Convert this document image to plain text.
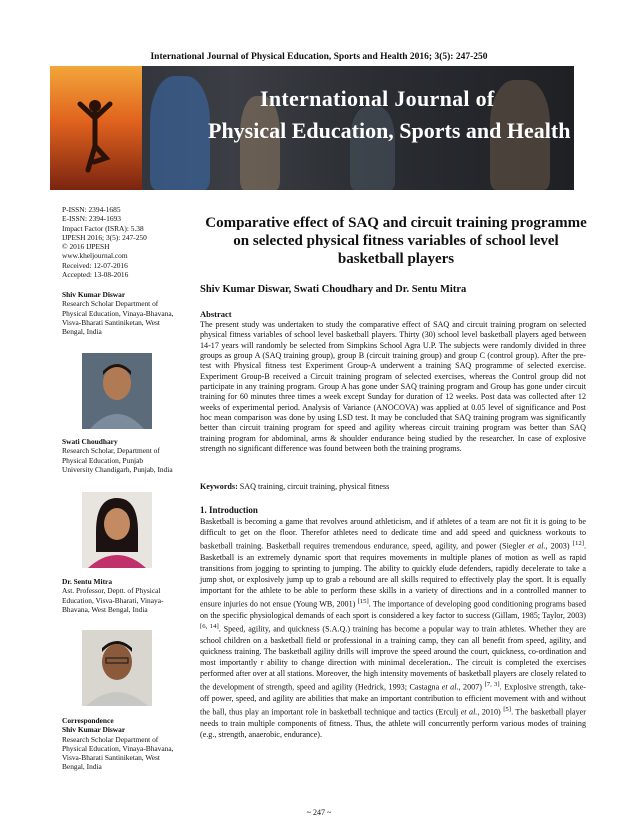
International Journal of Physical Education, Sports and Health 2016; 3(5): 247-250
International Journal of
Physical Education, Sports and Health
P-ISSN: 2394-1685
E-ISSN: 2394-1693
Impact Factor (ISRA): 5.38
IJPESH 2016; 3(5): 247-250
© 2016 IJPESH
www.kheljournal.com
Received: 12-07-2016
Accepted: 13-08-2016
Shiv Kumar Diswar
Research Scholar Department of Physical Education, Vinaya-Bhavana, Visva-Bharati Santiniketan, West Bengal, India
Swati Choudhary
Research Scholar, Department of Physical Education, Punjab University Chandigarh, Punjab, India
Dr. Sentu Mitra
Ast. Professor, Deptt. of Physical Education, Visva-Bharati, Vinaya-Bhavana, West Bengal, India
Correspondence
Shiv Kumar Diswar
Research Scholar Department of Physical Education, Vinaya-Bhavana, Visva-Bharati Santiniketan, West Bengal, India
Comparative effect of SAQ and circuit training programme on selected physical fitness variables of school level basketball players
Shiv Kumar Diswar, Swati Choudhary and Dr. Sentu Mitra
Abstract
The present study was undertaken to study the comparative effect of SAQ and circuit training program on selected physical fitness variables of school level basketball players. Thirty (30) school level basketball players aged between 14-17 years will randomly be selected from Simpkins School Agra U.P. The subjects were randomly divided in three groups as group A (SAQ training group), group B (circuit training group) and group C (control group). After the pre-test with Physical fitness test Experiment Group-A underwent a training SAQ programme of selected exercise. Experiment Group-B received a Circuit training program of selected exercises, whereas the Control group did not participate in any training program. Group A has gone under SAQ training program and Group has gone under circuit training for 60 minutes three times a week except Sunday for duration of 12 weeks. Post data was collected after 12 weeks of experimental period. Analysis of Variance (ANOCOVA) was applied at 0.05 level of significance and Post hoc mean comparison was done by using LSD test. It may be concluded that SAQ training program was significantly better than circuit training program for speed and agility whereas circuit training program was better than SAQ training program for abdominal, arms & shoulder endurance being studied by the researcher. In case of explosive strength no significant difference was found between both the training programs.
Keywords: SAQ training, circuit training, physical fitness
1. Introduction
Basketball is becoming a game that revolves around athleticism, and if athletes of a team are not fit it is going to be difficult to get on the floor. Therefor athletes need to dedicate time and add speed and quickness workouts to basketball training. Basketball requires tremendous endurance, speed, agility, and power (Siegler et al., 2003) [12]. Basketball is an extremely dynamic sport that requires movements in multiple planes of motion as well as rapid transitions from jogging to sprinting to jumping. The ability to quickly elude defenders, rapidly decelerate to take a jump shot, or explosively jump up to grab a rebound are all skills required to effectively play the sport. It is equally important for the athlete to be able to perform these skills in a variety of directions and in a controlled manner to ensure injuries do not ensue (Young WB, 2001) [15]. The importance of developing good conditioning programs based on the specific physiological demands of each sport is considered a key factor to success (Gillam, 1985; Taylor, 2003) [6, 14]. Speed, agility, and quickness (S.A.Q.) training has become a popular way to train athletes. Whether they are school children on a basketball field or professional in a training camp, they can all benefit from speed, agility, and quickness training. The basketball agility drills will improve the speed around the court, quickness, co-ordination and most importantly r ability to change direction with minimal deceleration.. The circuit is completed the exercises performed after over at all stations. Moreover, the high intensity movements of basketball players are closely related to the development of strength, speed and agility (Hedrick, 1993; Castagna et al., 2007) [7, 3]. Explosive strength, take-off power, speed, and agility are abilities that make an important contribution to efficient movement with and without the ball, thus play an important role in basketball technique and tactics (Erculj et al., 2010) [5]. The basketball player needs to train multiple components of fitness. Thus, the athlete will concurrently perform various modes of training (e.g., strength, anaerobic, endurance).
~ 247 ~
